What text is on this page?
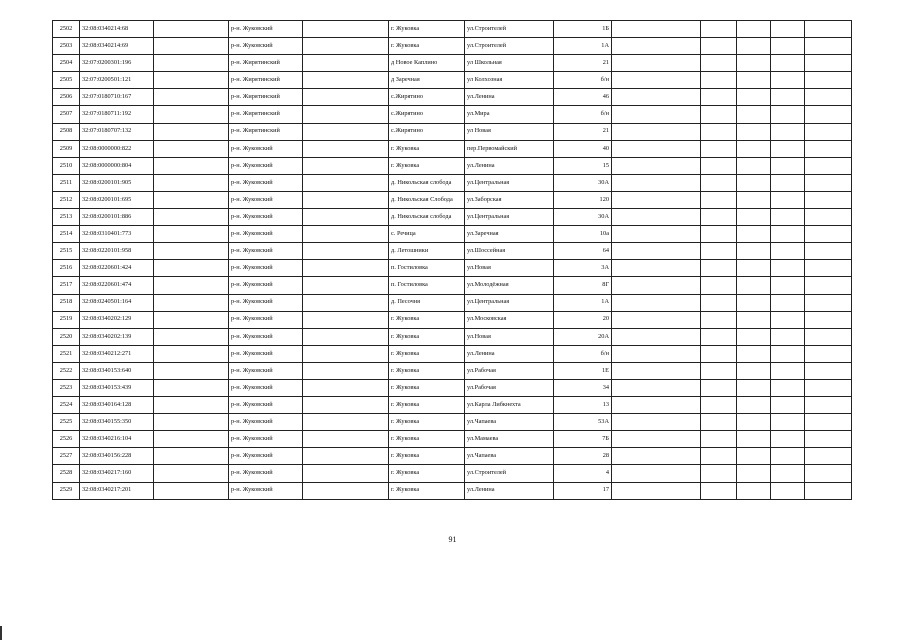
2502	32:08:0340214:68		р-н. Жуковский		г. Жуковка	ул.Строителей	1Б					
2503	32:08:0340214:69		р-н. Жуковский		г. Жуковка	ул.Строителей	1А					
2504	32:07:0200301:196		р-н. Жирятинский		д Новое Каплино	ул Школьная	21					
2505	32:07:0200501:121		р-н. Жирятинский		д Заречная	ул Колхозная	б/н					
2506	32:07:0180710:167		р-н. Жирятинский		с.Жирятино	ул.Ленина	46					
2507	32:07:0180711:192		р-н. Жирятинский		с.Жирятино	ул.Мира	б/н					
2508	32:07:0180707:132		р-н. Жирятинский		с.Жирятино	ул Новая	21					
2509	32:08:0000000:822		р-н. Жуковский		г. Жуковка	пер.Первомайский	40					
2510	32:08:0000000:804		р-н. Жуковский		г. Жуковка	ул.Ленина	15					
2511	32:08:0200101:905		р-н. Жуковский		д. Никольская слобода	ул.Центральная	30А					
2512	32:08:0200101:695		р-н. Жуковский		д. Никольская Слобода	ул.Заборская	120					
2513	32:08:0200101:886		р-н. Жуковский		д. Никольская слобода	ул.Центральная	30А					
2514	32:08:0310401:773		р-н. Жуковский		с. Речица	ул.Заречная	10а					
2515	32:08:0220101:958		р-н. Жуковский		д. Летошники	ул.Шоссейная	64					
2516	32:08:0220601:424		р-н. Жуковский		п. Гостиловка	ул.Новая	3А					
2517	32:08:0220601:474		р-н. Жуковский		п. Гостиловка	ул.Молодёжная	8Г					
2518	32:08:0240501:164		р-н. Жуковский		д. Песочня	ул.Центральная	1А					
2519	32:08:0340202:129		р-н. Жуковский		г. Жуковка	ул.Московская	20					
2520	32:08:0340202:139		р-н. Жуковский		г. Жуковка	ул.Новая	20А					
2521	32:08:0340212:271		р-н. Жуковский		г. Жуковка	ул.Ленина	б/н					
2522	32:08:0340153:640		р-н. Жуковский		г. Жуковка	ул.Рабочая	1Е					
2523	32:08:0340153:439		р-н. Жуковский		г. Жуковка	ул.Рабочая	34					
2524	32:08:0340164:128		р-н. Жуковский		г. Жуковка	ул.Карла Либкнехта	13					
2525	32:08:0340155:350		р-н. Жуковский		г. Жуковка	ул.Чапаева	53А					
2526	32:08:0340216:104		р-н. Жуковский		г. Жуковка	ул.Мамаева	7Б					
2527	32:08:0340156:228		р-н. Жуковский		г. Жуковка	ул.Чапаева	28					
2528	32:08:0340217:160		р-н. Жуковский		г. Жуковка	ул.Строителей	4					
2529	32:08:0340217:201		р-н. Жуковский		г. Жуковка	ул.Ленина	17					
91
